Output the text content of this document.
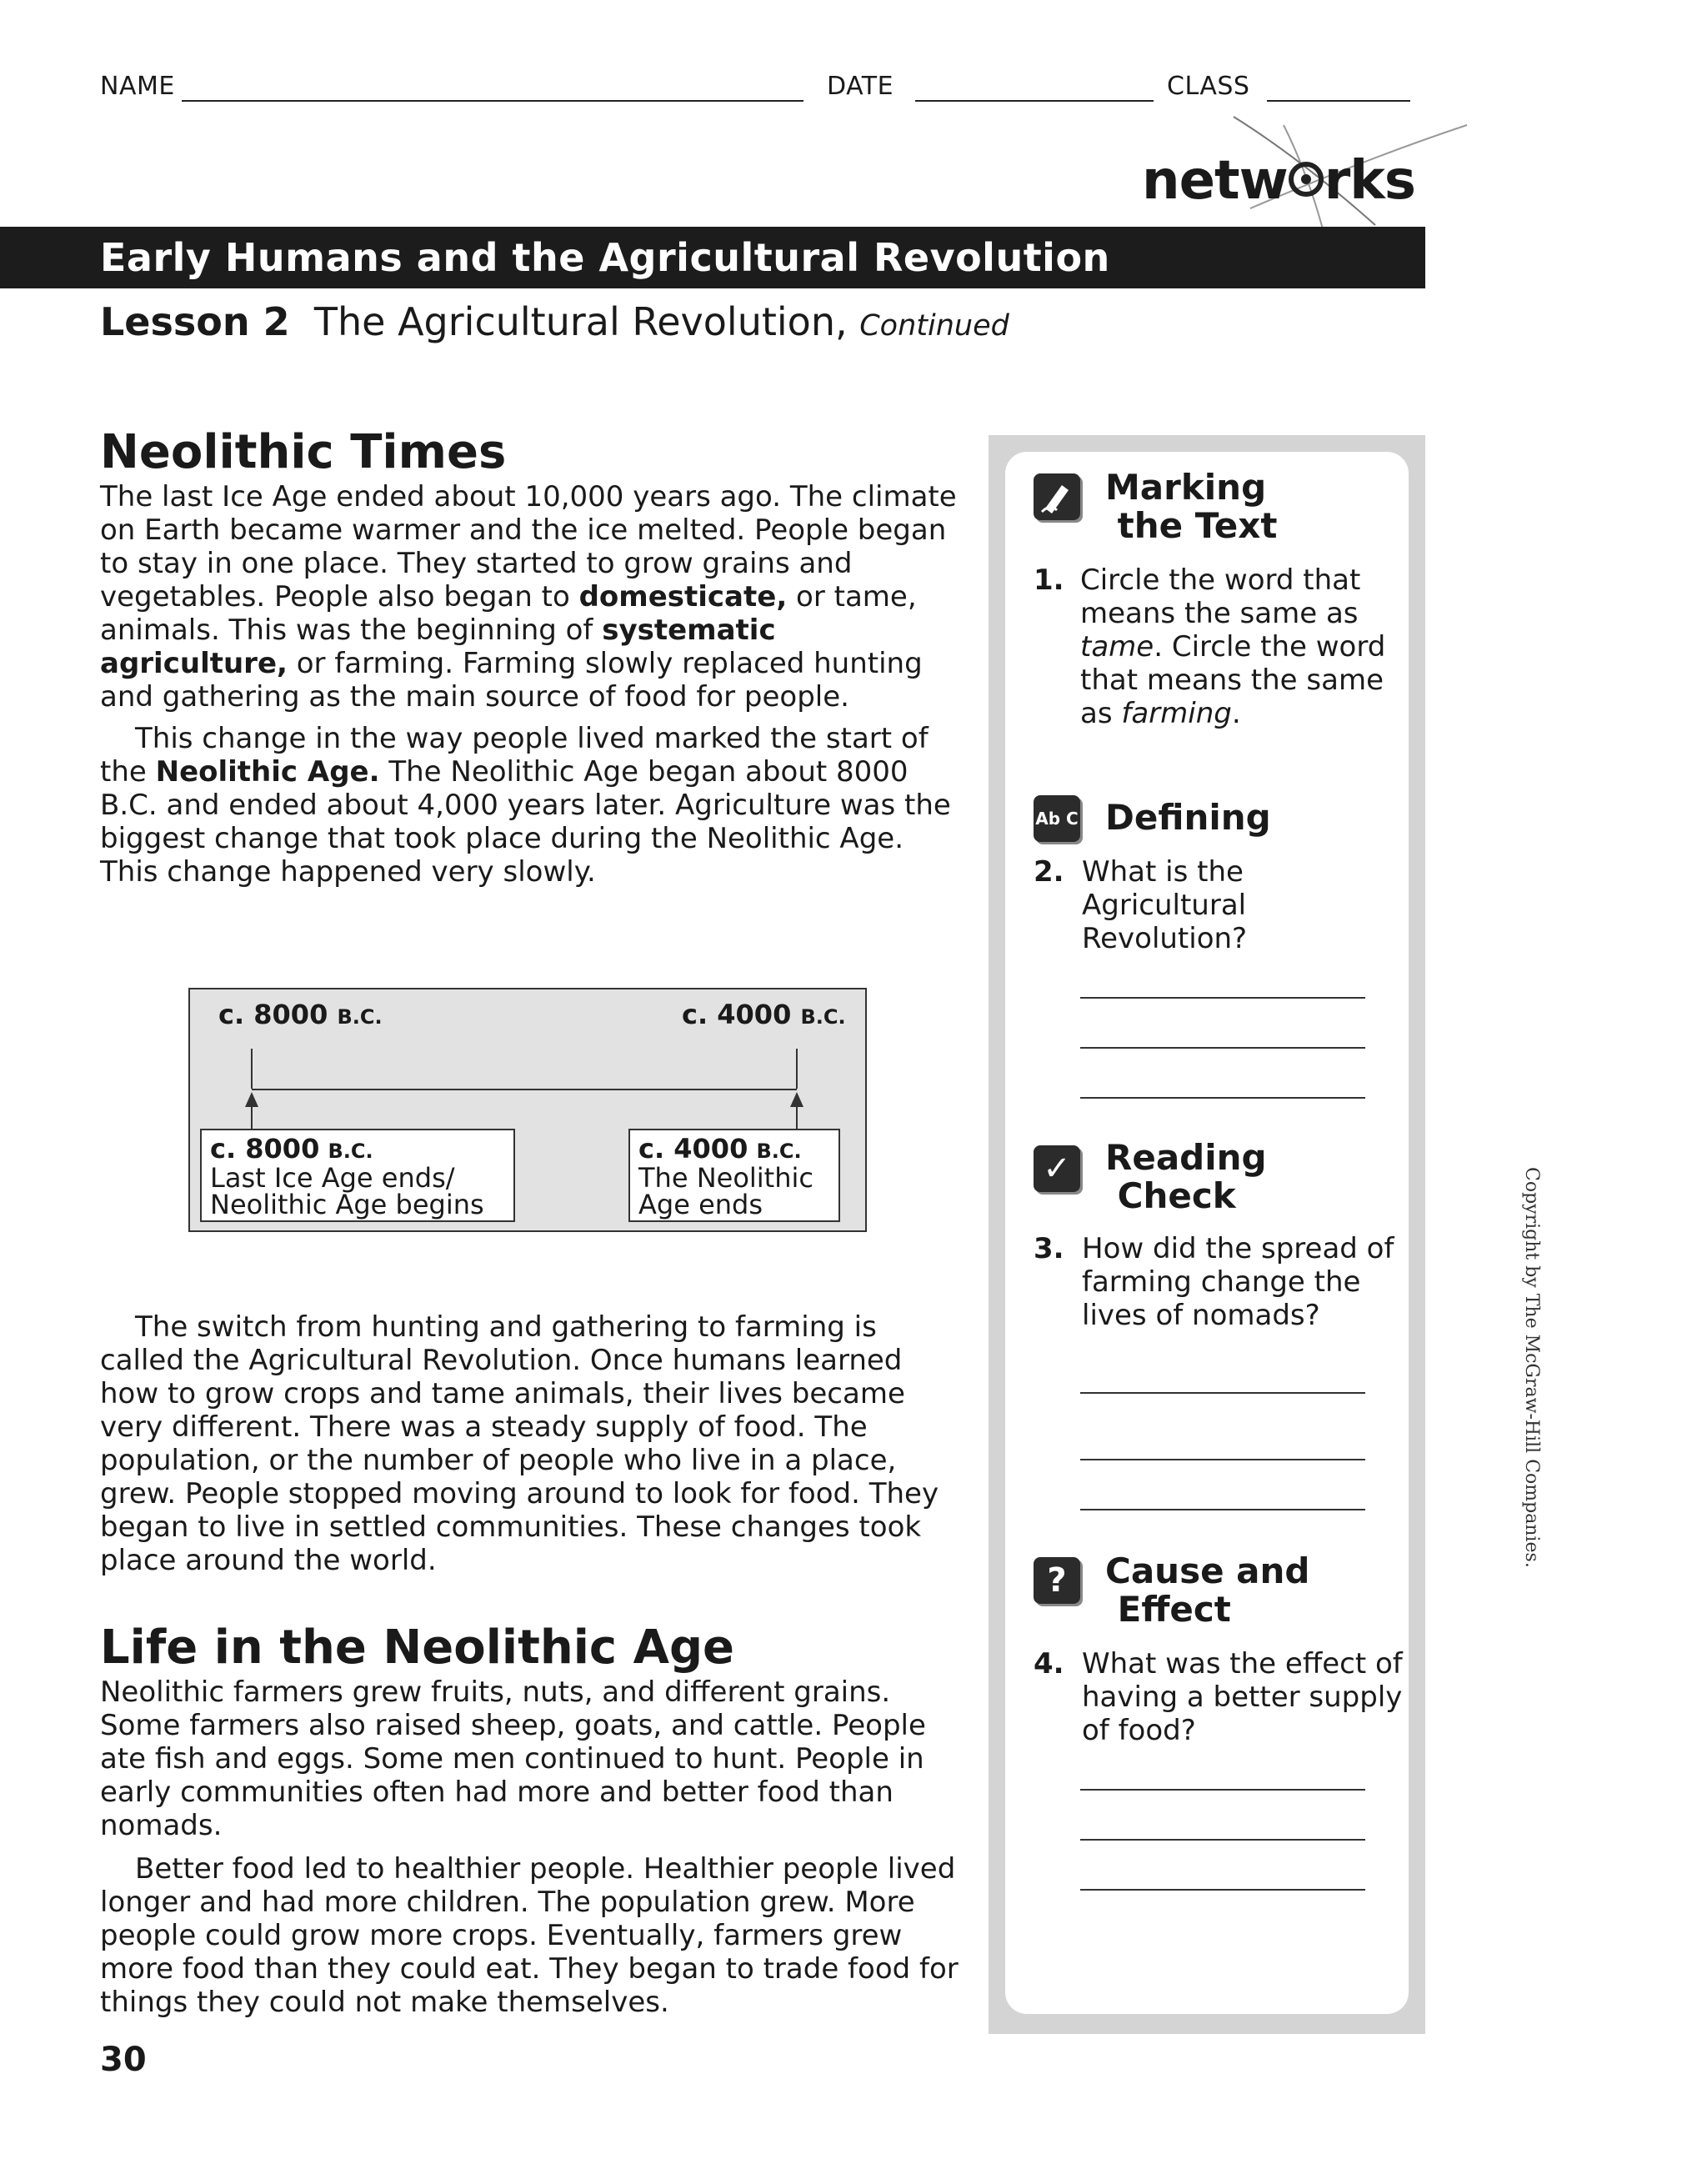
NAME	DATE	CLASS
netw rks
Early Humans and the Agricultural Revolution
Lesson 2 The Agricultural Revolution, Continued
Neolithic Times

The last Ice Age ended about 10,000 years ago. The climate on Earth became warmer and the ice melted. People began to stay in one place. They started to grow grains and vegetables. People also began to domesticate, or tame, animals. This was the beginning of systematic agriculture, or farming. Farming slowly replaced hunting and gathering as the main source of food for people.

This change in the way people lived marked the start of the Neolithic Age. The Neolithic Age began about 8000 B.C. and ended about 4,000 years later. Agriculture was the biggest change that took place during the Neolithic Age. This change happened very slowly.

c. 8000 B.C.	c. 4000 B.C.
c. 8000 B.C.
Last Ice Age ends/
Neolithic Age begins
c. 4000 B.C.
The Neolithic
Age ends

The switch from hunting and gathering to farming is called the Agricultural Revolution. Once humans learned how to grow crops and tame animals, their lives became very different. There was a steady supply of food. The population, or the number of people who live in a place, grew. People stopped moving around to look for food. They began to live in settled communities. These changes took place around the world.

Life in the Neolithic Age

Neolithic farmers grew fruits, nuts, and different grains. Some farmers also raised sheep, goats, and cattle. People ate fish and eggs. Some men continued to hunt. People in early communities often had more and better food than nomads.

Better food led to healthier people. Healthier people lived longer and had more children. The population grew. More people could grow more crops. Eventually, farmers grew more food than they could eat. They began to trade food for things they could not make themselves.

30
Marking
the Text
1. Circle the word that means the same as tame. Circle the word that means the same as farming.

Ab C Defining
2. What is the Agricultural Revolution?

✓ Reading
Check
3. How did the spread of farming change the lives of nomads?

?	Cause and
Effect
4. What was the effect of having a better supply of food?

Copyright by The McGraw-Hill Companies.
